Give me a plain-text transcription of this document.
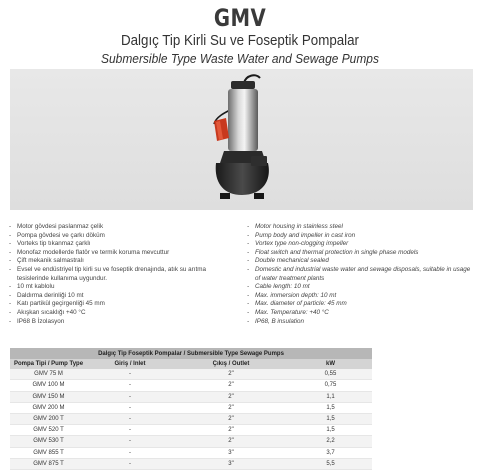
GMV
Dalgıç Tip Kirli Su ve Foseptik Pompalar
Submersible Type Waste Water and Sewage Pumps
- Motor gövdesi paslanmaz çelik
- Pompa gövdesi ve çarkı döküm
- Vorteks tip tıkanmaz çarklı
- Monofaz modellerde flatör ve termik koruma mevcuttur
- Çift mekanik salmastralı
- Evsel ve endüstriyel tip kirli su ve foseptik drenajında, atık su arıtma tesislerinde kullanıma uygundur.
- 10 mt kablolu
- Daldırma derinliği 10 mt
- Katı partikül geçirgenliği 45 mm
- Akışkan sıcaklığı +40 °C
- IP68 B İzolasyon
- Motor housing in stainless steel
- Pump body and impeller in cast iron
- Vortex type non-clogging impeller
- Float switch and thermal protection in single phase models
- Double mechanical sealed
- Domestic and industrial waste water and sewage disposals, suitable in usage of water treatment plants
- Cable length: 10 mt
- Max. immersion depth: 10 mt
- Max. diameter of particle: 45 mm
- Max. Temperature: +40 °C
- IP68, B insulation
Dalgıç Tip Foseptik Pompalar / Submersible Type Sewage Pumps			
Pompa Tipi / Pump Type	Giriş / Inlet	Çıkış / Outlet	kW
GMV 75 M	-	2"	0,55
GMV 100 M	-	2"	0,75
GMV 150 M	-	2"	1,1
GMV 200 M	-	2"	1,5
GMV 200 T	-	2"	1,5
GMV 520 T	-	2"	1,5
GMV 530 T	-	2"	2,2
GMV 855 T	-	3"	3,7
GMV 875 T	-	3"	5,5
